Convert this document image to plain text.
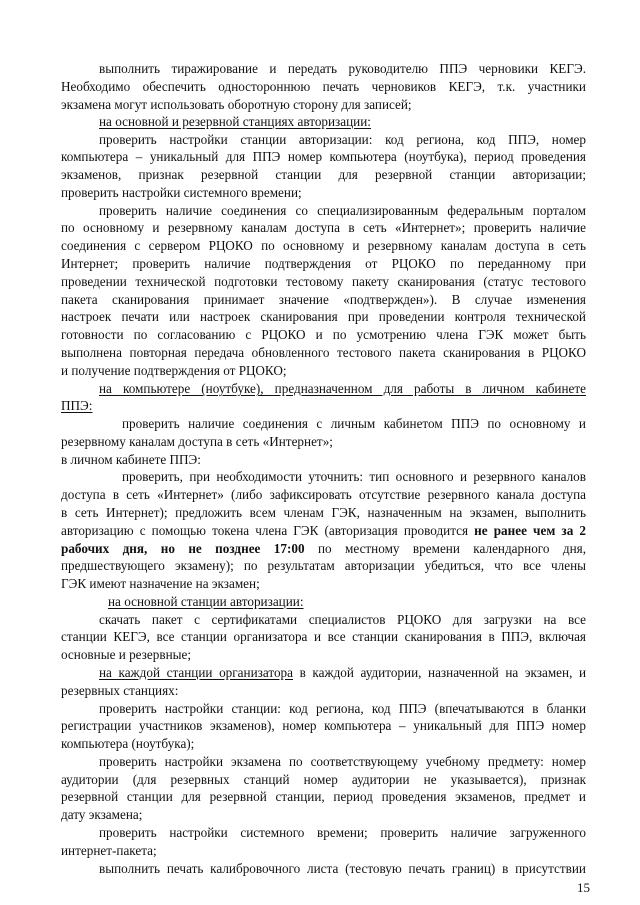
выполнить тиражирование и передать руководителю ППЭ черновики КЕГЭ.
Необходимо обеспечить одностороннюю печать черновиков КЕГЭ, т.к. участники
экзамена могут использовать оборотную сторону для записей;
на основной и резервной станциях авторизации:
проверить настройки станции авторизации: код региона, код ППЭ, номер
компьютера – уникальный для ППЭ номер компьютера (ноутбука), период проведения
экзаменов, признак резервной станции для резервной станции авторизации;
проверить настройки системного времени;
проверить наличие соединения со специализированным федеральным порталом
по основному и резервному каналам доступа в сеть «Интернет»; проверить наличие
соединения с сервером РЦОКО по основному и резервному каналам доступа в сеть
Интернет; проверить наличие подтверждения от РЦОКО по переданному при
проведении технической подготовки тестовому пакету сканирования (статус тестового
пакета сканирования принимает значение «подтвержден»). В случае изменения
настроек печати или настроек сканирования при проведении контроля технической
готовности по согласованию с РЦОКО и по усмотрению члена ГЭК может быть
выполнена повторная передача обновленного тестового пакета сканирования в РЦОКО
и получение подтверждения от РЦОКО;
на компьютере (ноутбуке), предназначенном для работы в личном кабинете
ППЭ:
проверить наличие соединения с личным кабинетом ППЭ по основному и
резервному каналам доступа в сеть «Интернет»;
в личном кабинете ППЭ:
проверить, при необходимости уточнить: тип основного и резервного каналов
доступа в сеть «Интернет» (либо зафиксировать отсутствие резервного канала доступа
в сеть Интернет); предложить всем членам ГЭК, назначенным на экзамен, выполнить
авторизацию с помощью токена члена ГЭК (авторизация проводится не ранее чем за 2
рабочих дня, но не позднее 17:00 по местному времени календарного дня,
предшествующего экзамену); по результатам авторизации убедиться, что все члены
ГЭК имеют назначение на экзамен;
на основной станции авторизации:
скачать пакет с сертификатами специалистов РЦОКО для загрузки на все
станции КЕГЭ, все станции организатора и все станции сканирования в ППЭ, включая
основные и резервные;
на каждой станции организатора в каждой аудитории, назначенной на экзамен, и
резервных станциях:
проверить настройки станции: код региона, код ППЭ (впечатываются в бланки
регистрации участников экзаменов), номер компьютера – уникальный для ППЭ номер
компьютера (ноутбука);
проверить настройки экзамена по соответствующему учебному предмету: номер
аудитории (для резервных станций номер аудитории не указывается), признак
резервной станции для резервной станции, период проведения экзаменов, предмет и
дату экзамена;
проверить настройки системного времени; проверить наличие загруженного
интернет-пакета;
выполнить печать калибровочного листа (тестовую печать границ) в присутствии
15
